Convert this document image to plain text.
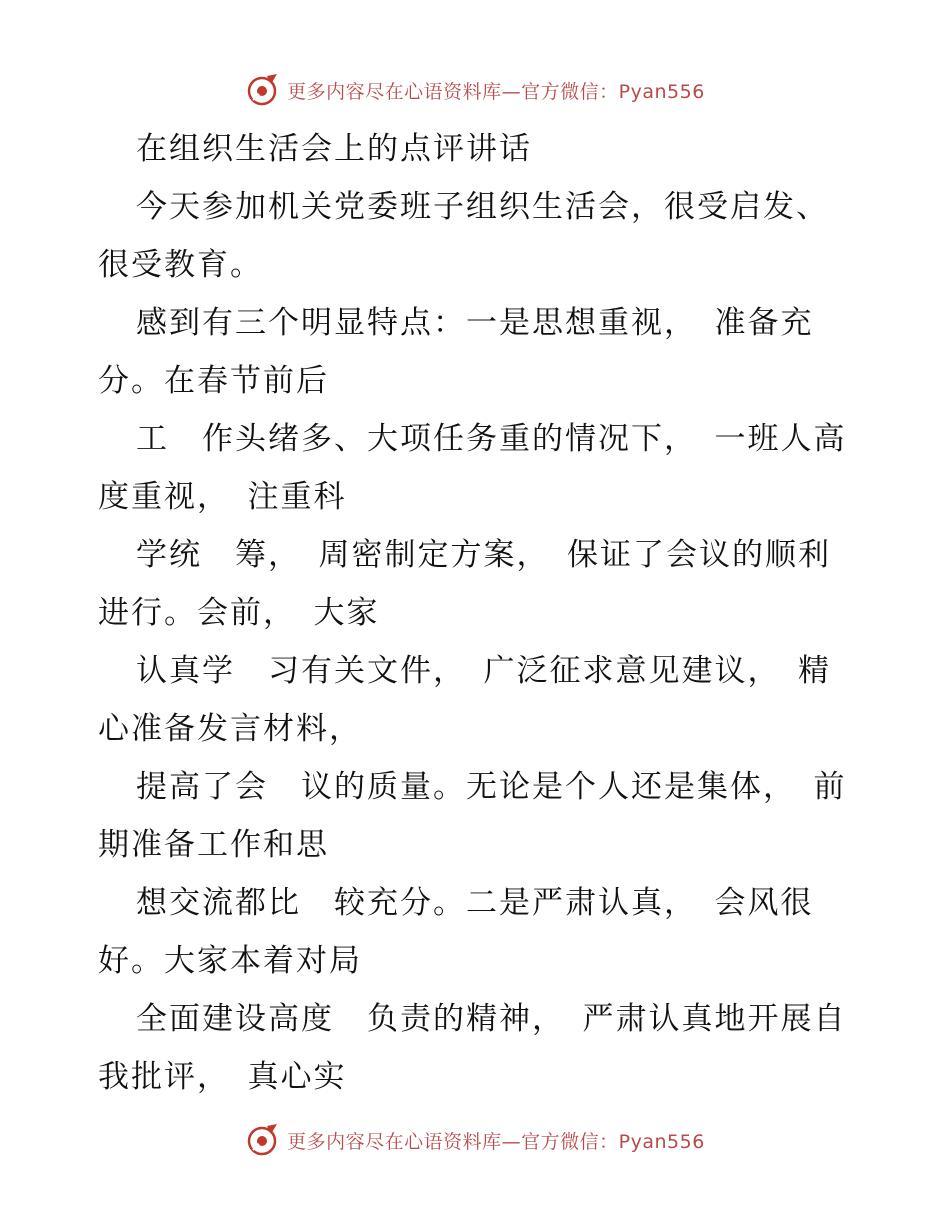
更多内容尽在心语资料库—官方微信：Pyan556
在组织生活会上的点评讲话
今天参加机关党委班子组织生活会，很受启发、
很受教育。
感到有三个明显特点：一是思想重视，　准备充
分。在春节前后
工　作头绪多、大项任务重的情况下，　一班人高
度重视，　注重科
学统　筹，　周密制定方案，　保证了会议的顺利
进行。会前，　大家
认真学　习有关文件，　广泛征求意见建议，　精
心准备发言材料，
提高了会　议的质量。无论是个人还是集体，　前
期准备工作和思
想交流都比　较充分。二是严肃认真，　会风很
好。大家本着对局
全面建设高度　负责的精神，　严肃认真地开展自
我批评，　真心实
更多内容尽在心语资料库—官方微信：Pyan556
